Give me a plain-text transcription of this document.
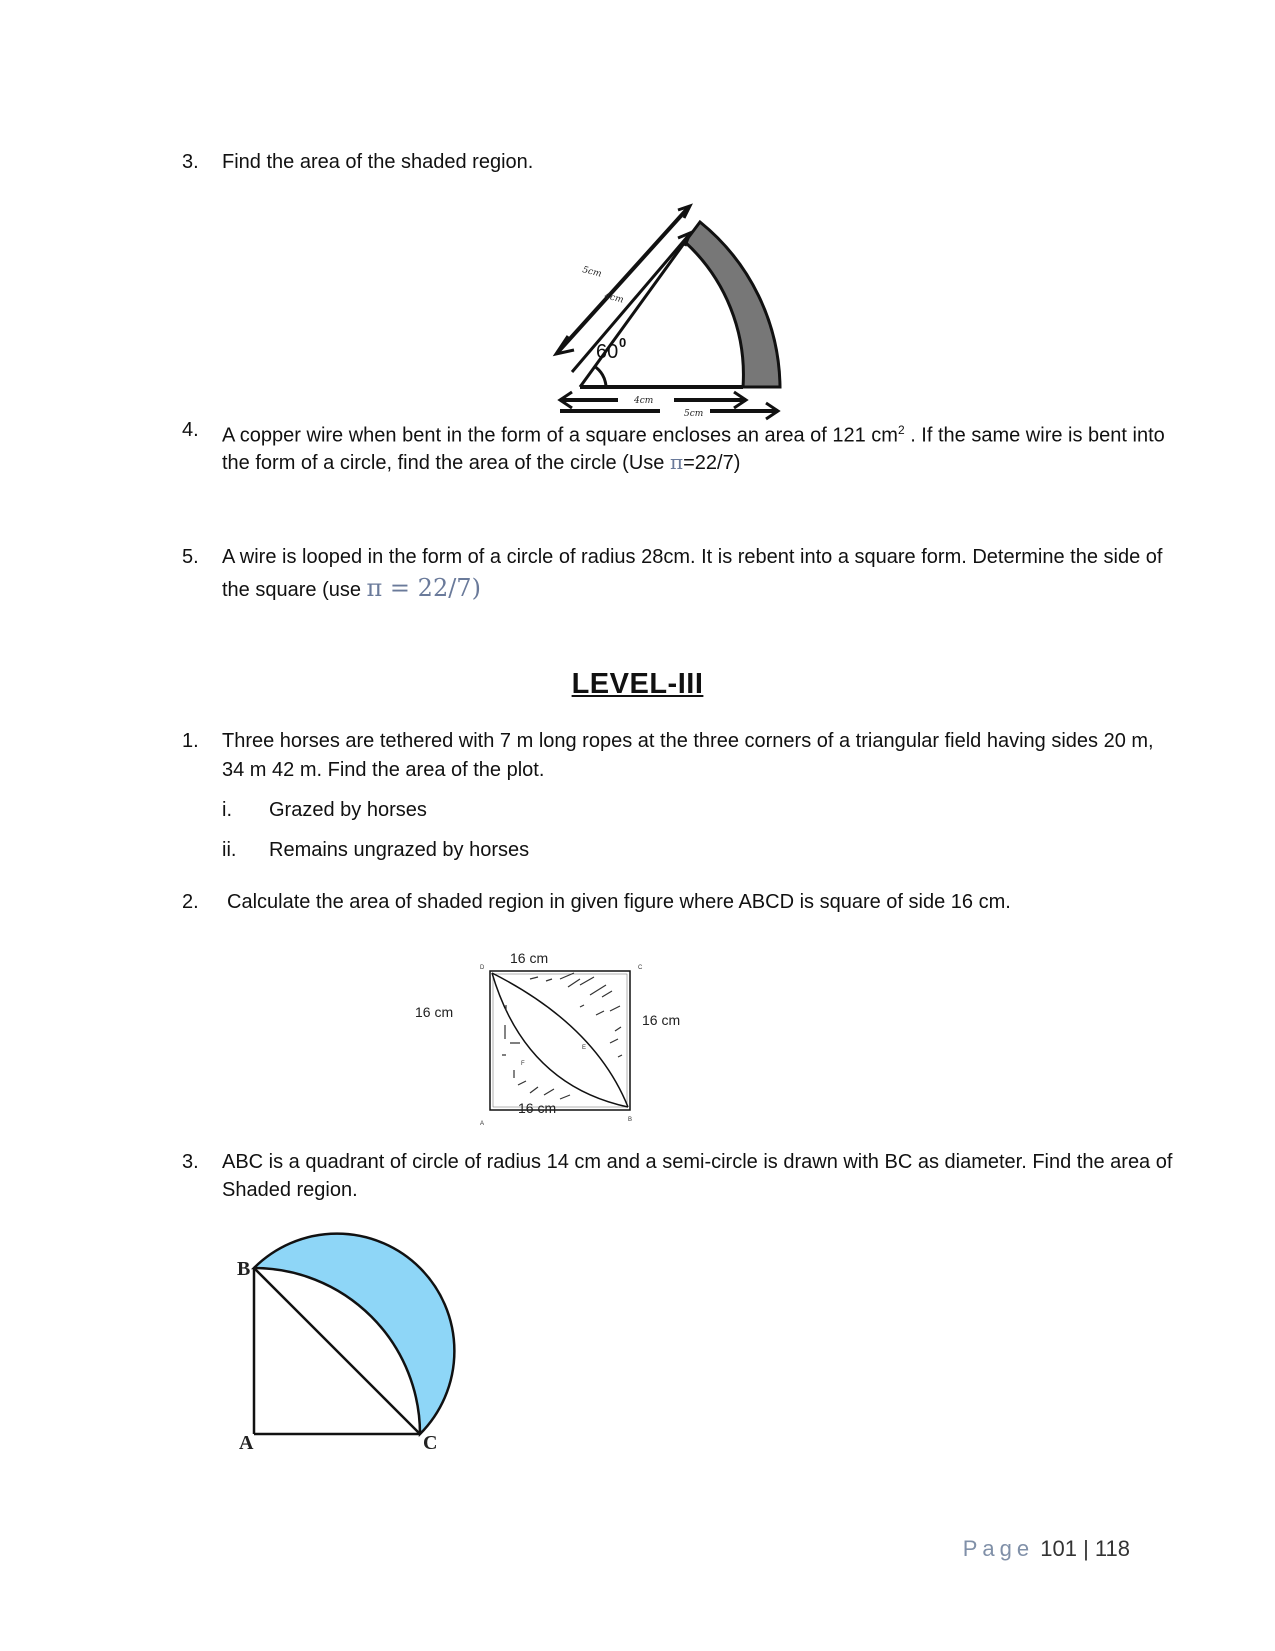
3. Find the area of the shaded region.
60 0
5cm
4cm
4cm
5cm
4. A copper wire when bent in the form of a square encloses an area of 121 $cm^2$ . If the same wire is bent into
the form of a circle, find the area of the circle (Use π=22/7)
5. A wire is looped in the form of a circle of radius 28cm. It is rebent into a square form. Determine the side of
the square (use π = 22/7)
LEVEL-III
1. Three horses are tethered with 7 m long ropes at the three corners of a triangular field having sides 20 m,
34 m 42 m. Find the area of the plot.
i. Grazed by horses
ii. Remains ungrazed by horses
2. Calculate the area of shaded region in given figure where ABCD is square of side 16 cm.
E
F
D	C
A
B
16 cm
16 cm	16 cm
16 cm
3. ABC is a quadrant of circle of radius 14 cm and a semi-circle is drawn with BC as diameter. Find the area of
Shaded region.
B
A	C
Page 101 | 118
